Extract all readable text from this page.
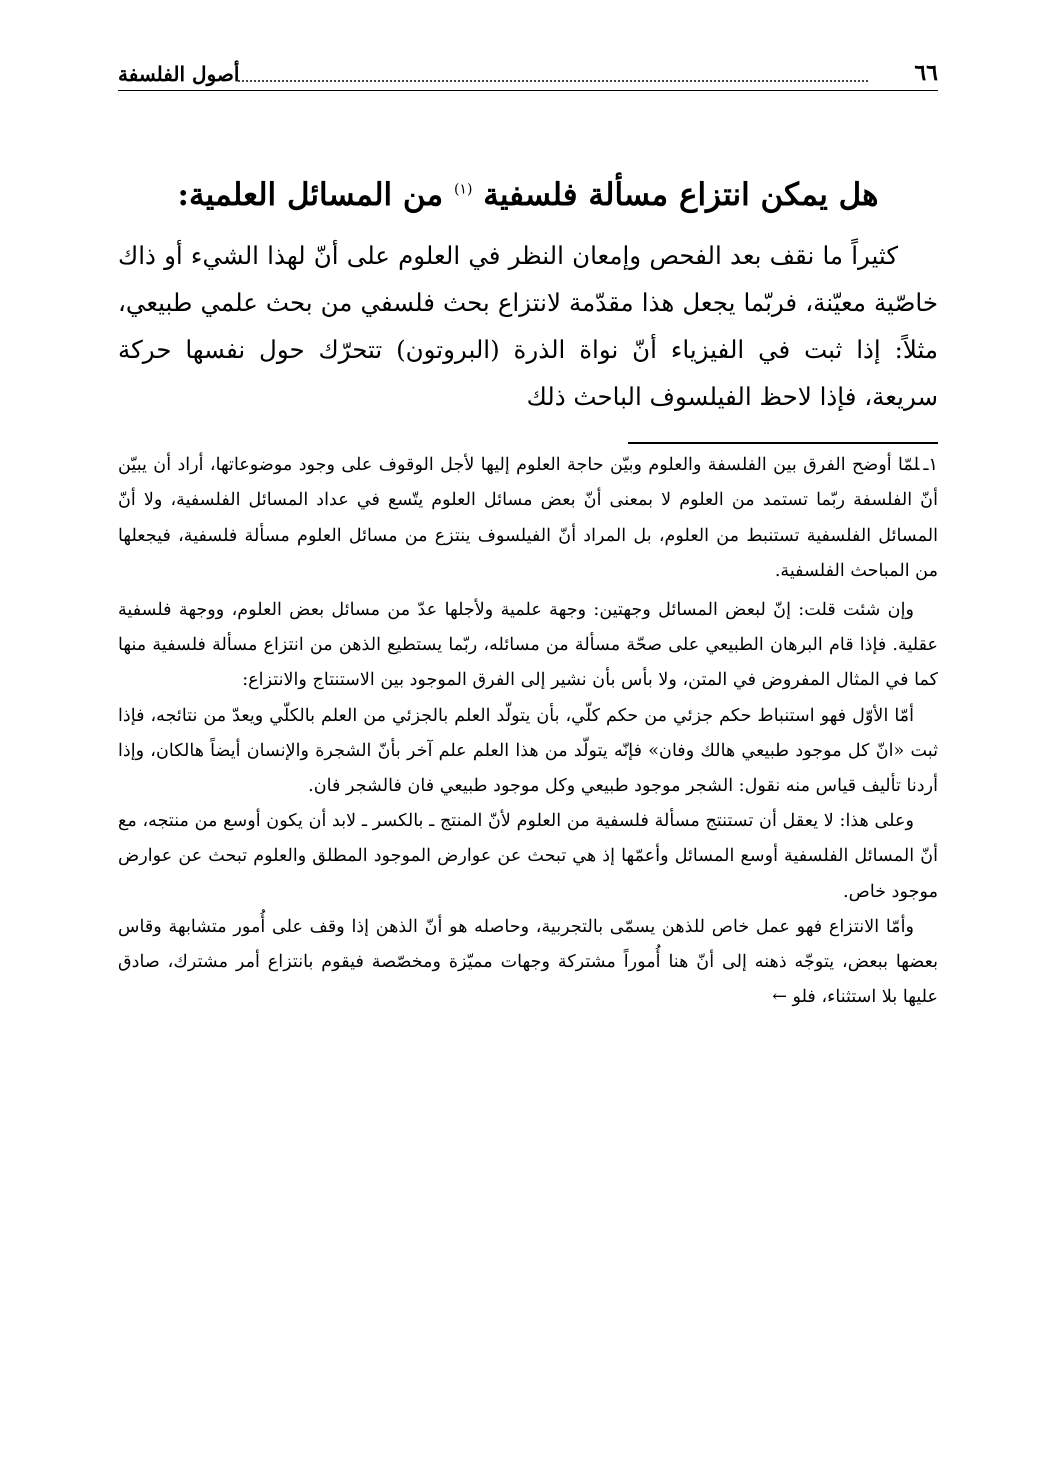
٦٦
أصول الفلسفة
هل يمكن انتزاع مسألة فلسفية $^{(١)}$ من المسائل العلمية:

كثيراً ما نقف بعد الفحص وإمعان النظر في العلوم على أنّ لهذا الشيء أو ذاك خاصّية معيّنة، فربّما يجعل هذا مقدّمة لانتزاع بحث فلسفي من بحث علمي طبيعي، مثلاً: إذا ثبت في الفيزياء أنّ نواة الذرة (البروتون) تتحرّك حول نفسها حركة سريعة، فإذا لاحظ الفيلسوف الباحث ذلك

١ـلمّا أوضح الفرق بين الفلسفة والعلوم وبيّن حاجة العلوم إليها لأجل الوقوف على وجود موضوعاتها، أراد أن يبيّن أنّ الفلسفة ربّما تستمد من العلوم لا بمعنى أنّ بعض مسائل العلوم يتّسع في عداد المسائل الفلسفية، ولا أنّ المسائل الفلسفية تستنبط من العلوم، بل المراد أنّ الفيلسوف ينتزع من مسائل العلوم مسألة فلسفية، فيجعلها من المباحث الفلسفية.

وإن شئت قلت: إنّ لبعض المسائل وجهتين: وجهة علمية ولأجلها عدّ من مسائل بعض العلوم، ووجهة فلسفية عقلية. فإذا قام البرهان الطبيعي على صحّة مسألة من مسائله، ربّما يستطيع الذهن من انتزاع مسألة فلسفية منها كما في المثال المفروض في المتن، ولا بأس بأن نشير إلى الفرق الموجود بين الاستنتاج والانتزاع:

أمّا الأوّل فهو استنباط حكم جزئي من حكم كلّي، بأن يتولّد العلم بالجزئي من العلم بالكلّي ويعدّ من نتائجه، فإذا ثبت «انّ كل موجود طبيعي هالك وفان» فإنّه يتولّد من هذا العلم علم آخر بأنّ الشجرة والإنسان أيضاً هالكان، وإذا أردنا تأليف قياس منه نقول: الشجر موجود طبيعي وكل موجود طبيعي فان فالشجر فان.

وعلى هذا: لا يعقل أن تستنتج مسألة فلسفية من العلوم لأنّ المنتج ـ بالكسر ـ لابد أن يكون أوسع من منتجه، مع أنّ المسائل الفلسفية أوسع المسائل وأعمّها إذ هي تبحث عن عوارض الموجود المطلق والعلوم تبحث عن عوارض موجود خاص.

وأمّا الانتزاع فهو عمل خاص للذهن يسمّى بالتجربية، وحاصله هو أنّ الذهن إذا وقف على أُمور متشابهة وقاس بعضها ببعض، يتوجّه ذهنه إلى أنّ هنا أُموراً مشتركة وجهات مميّزة ومخصّصة فيقوم بانتزاع أمر مشترك، صادق عليها بلا استثناء، فلو ←
